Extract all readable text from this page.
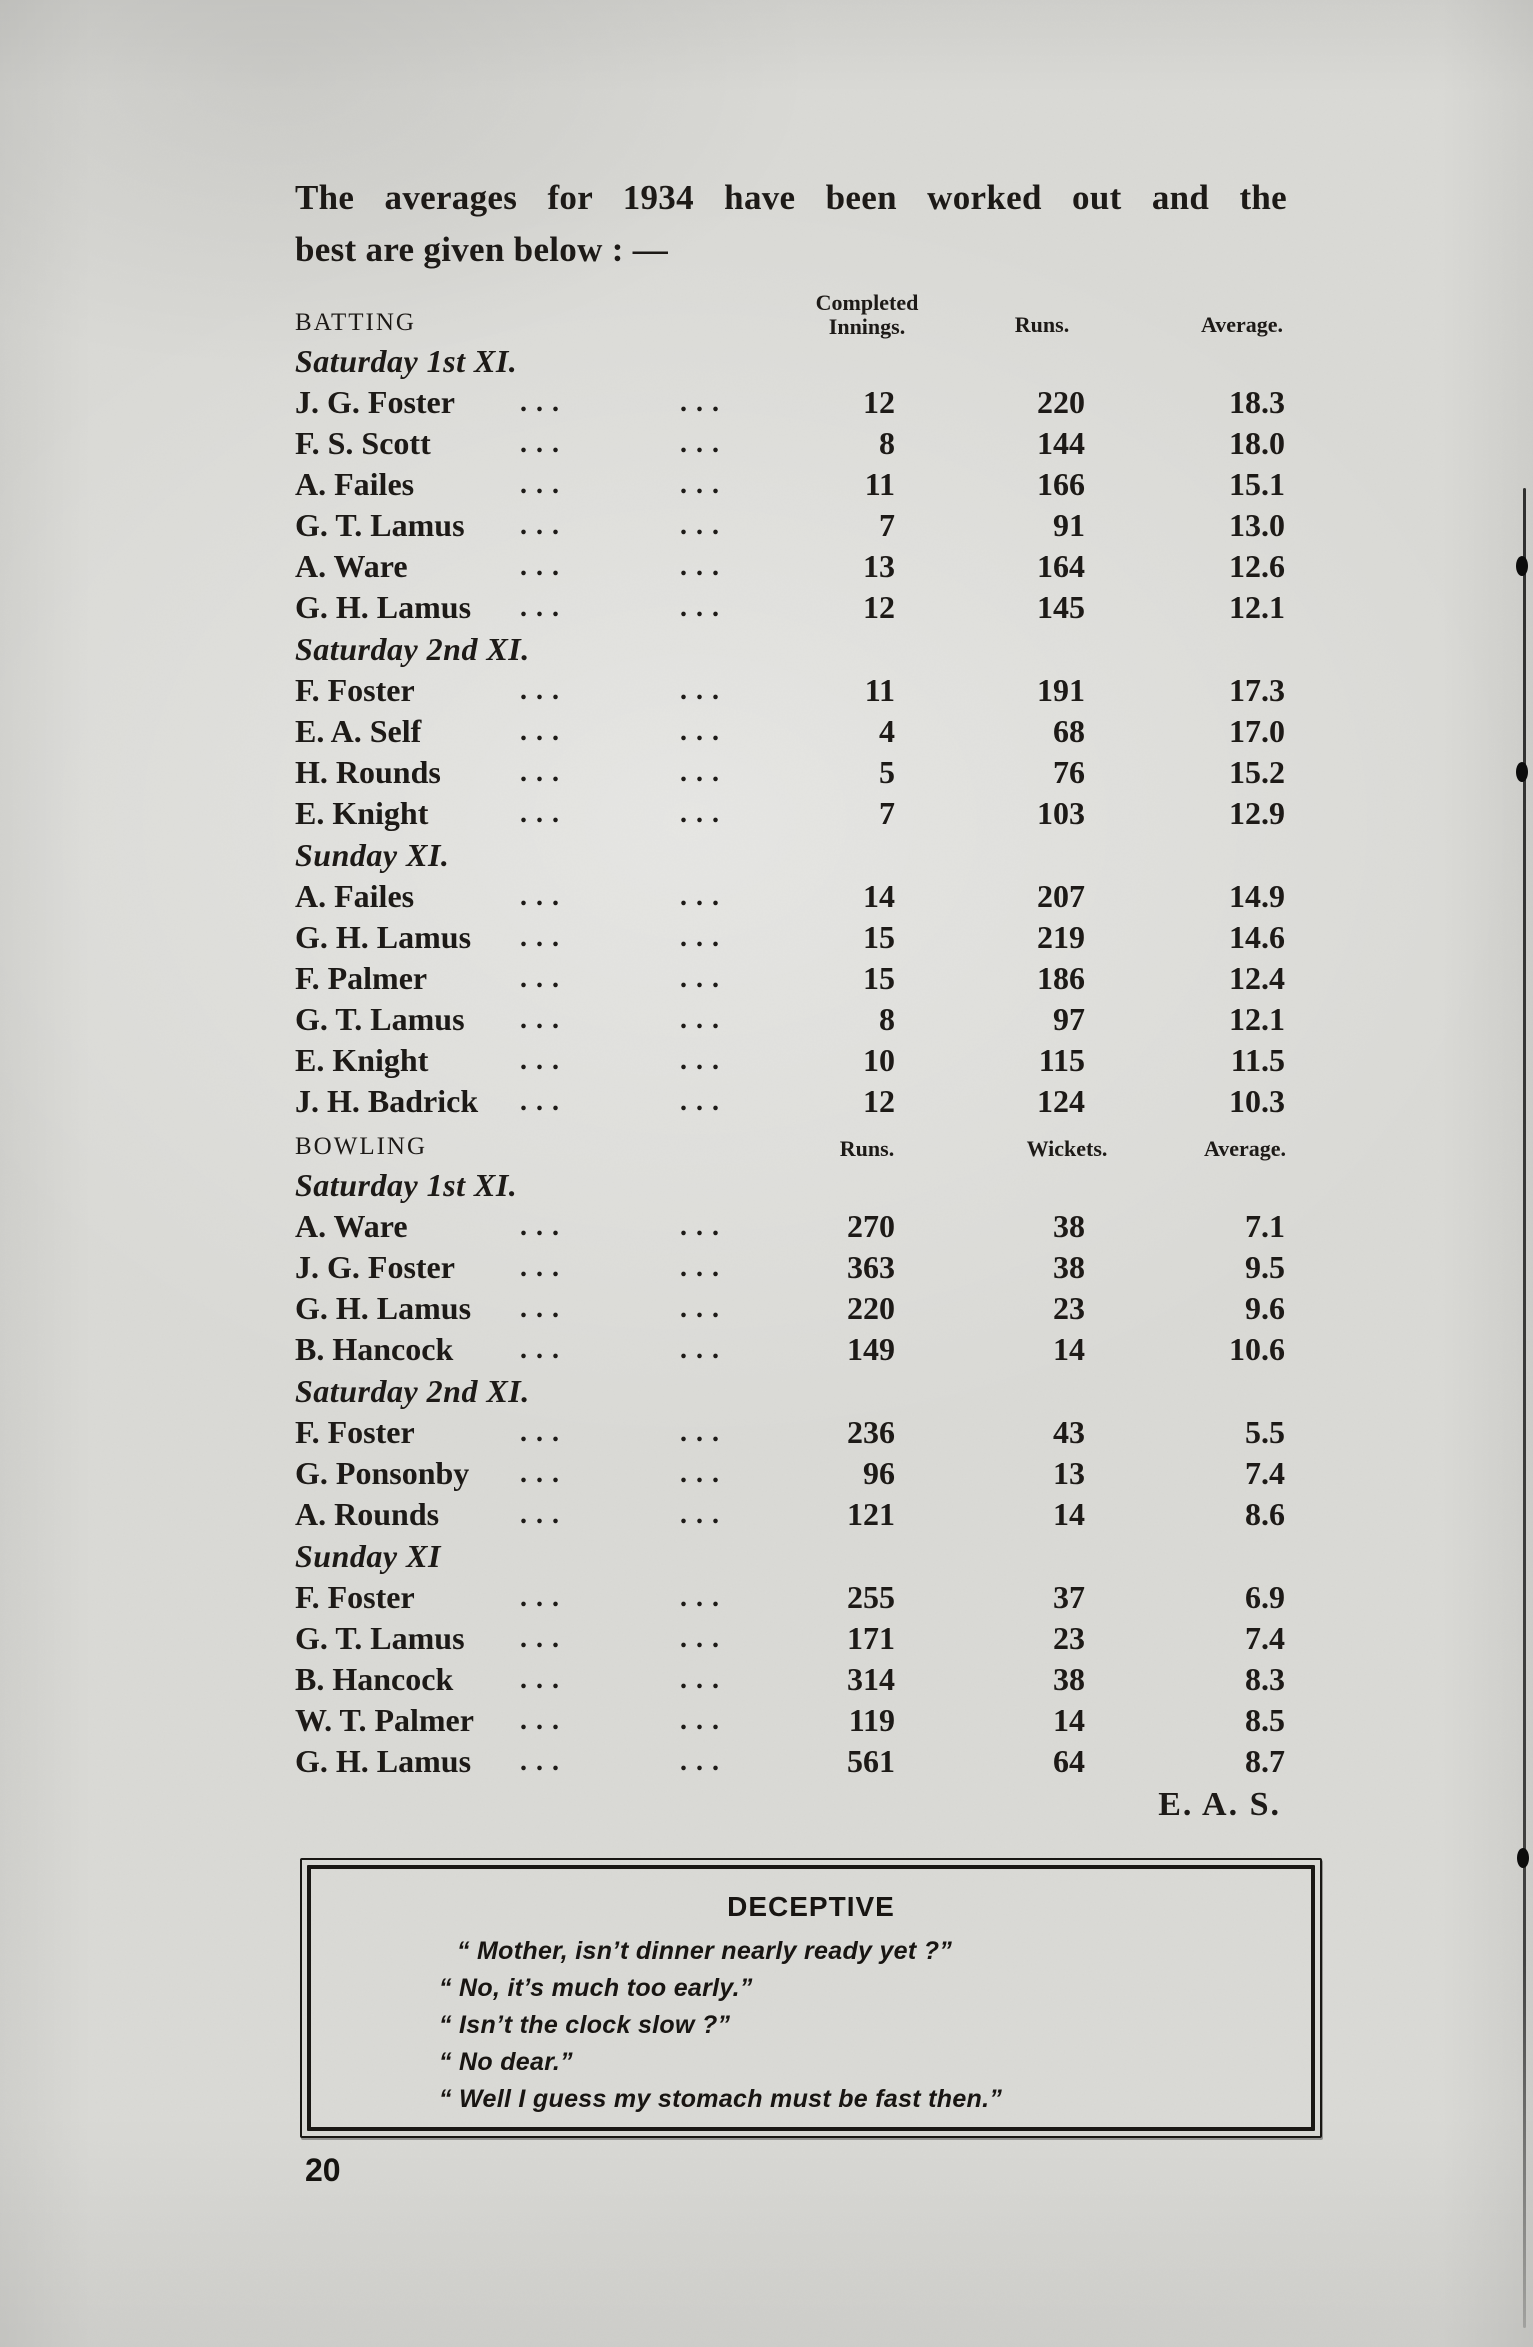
The averages for 1934 have been worked out and the
best are given below : —
BATTING
Completed
Innings.	Runs.	Average.
Saturday 1st XI.
J. G. Foster	...	...	12	220	18.3
F. S. Scott	...	...	8	144	18.0
A. Failes	...	...	11	166	15.1
G. T. Lamus	...	...	7	91	13.0
A. Ware	...	...	13	164	12.6
G. H. Lamus	...	...	12	145	12.1
Saturday 2nd XI.
F. Foster	...	...	11	191	17.3
E. A. Self	...	...	4	68	17.0
H. Rounds	...	...	5	76	15.2
E. Knight	...	...	7	103	12.9
Sunday XI.
A. Failes	...	...	14	207	14.9
G. H. Lamus	...	...	15	219	14.6
F. Palmer	...	...	15	186	12.4
G. T. Lamus	...	...	8	97	12.1
E. Knight	...	...	10	115	11.5
J. H. Badrick	...	...	12	124	10.3
BOWLING	Runs.	Wickets.	Average.
Saturday 1st XI.
A. Ware	...	...	270	38	7.1
J. G. Foster	...	...	363	38	9.5
G. H. Lamus	...	...	220	23	9.6
B. Hancock	...	...	149	14	10.6
Saturday 2nd XI.
F. Foster	...	...	236	43	5.5
G. Ponsonby	...	...	96	13	7.4
A. Rounds	...	...	121	14	8.6
Sunday XI
F. Foster	...	...	255	37	6.9
G. T. Lamus	...	...	171	23	7.4
B. Hancock	...	...	314	38	8.3
W. T. Palmer	...	...	119	14	8.5
G. H. Lamus	...	...	561	64	8.7
E. A. S.
DECEPTIVE
“ Mother, isn’t dinner nearly ready yet ?”
“ No, it’s much too early.”
“ Isn’t the clock slow ?”
“ No dear.”
“ Well I guess my stomach must be fast then.”
20
